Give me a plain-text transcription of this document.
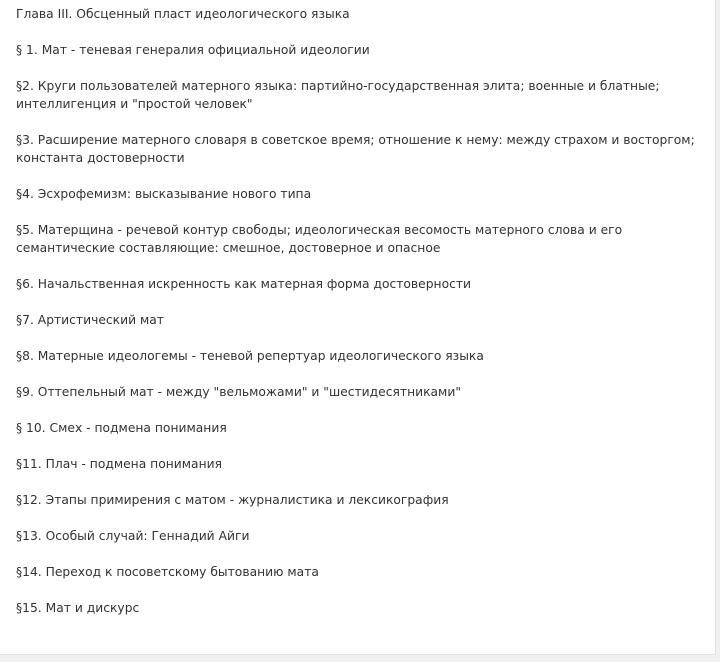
Глава III. Обсценный пласт идеологического языка
§ 1. Мат - теневая генералия официальной идеологии
§2. Круги пользователей матерного языка: партийно-государственная элита; военные и блатные; интеллигенция и "простой человек"
§3. Расширение матерного словаря в советское время; отношение к нему: между страхом и восторгом; константа достоверности
§4. Эсхрофемизм: высказывание нового типа
§5. Матерщина - речевой контур свободы; идеологическая весомость матерного слова и его семантические составляющие: смешное, достоверное и опасное
§6. Начальственная искренность как матерная форма достоверности
§7. Артистический мат
§8. Матерные идеологемы - теневой репертуар идеологического языка
§9. Оттепельный мат - между "вельможами" и "шестидесятниками"
§ 10. Смех - подмена понимания
§11. Плач - подмена понимания
§12. Этапы примирения с матом - журналистика и лексикография
§13. Особый случай: Геннадий Айги
§14. Переход к посоветскому бытованию мата
§15. Мат и дискурс
